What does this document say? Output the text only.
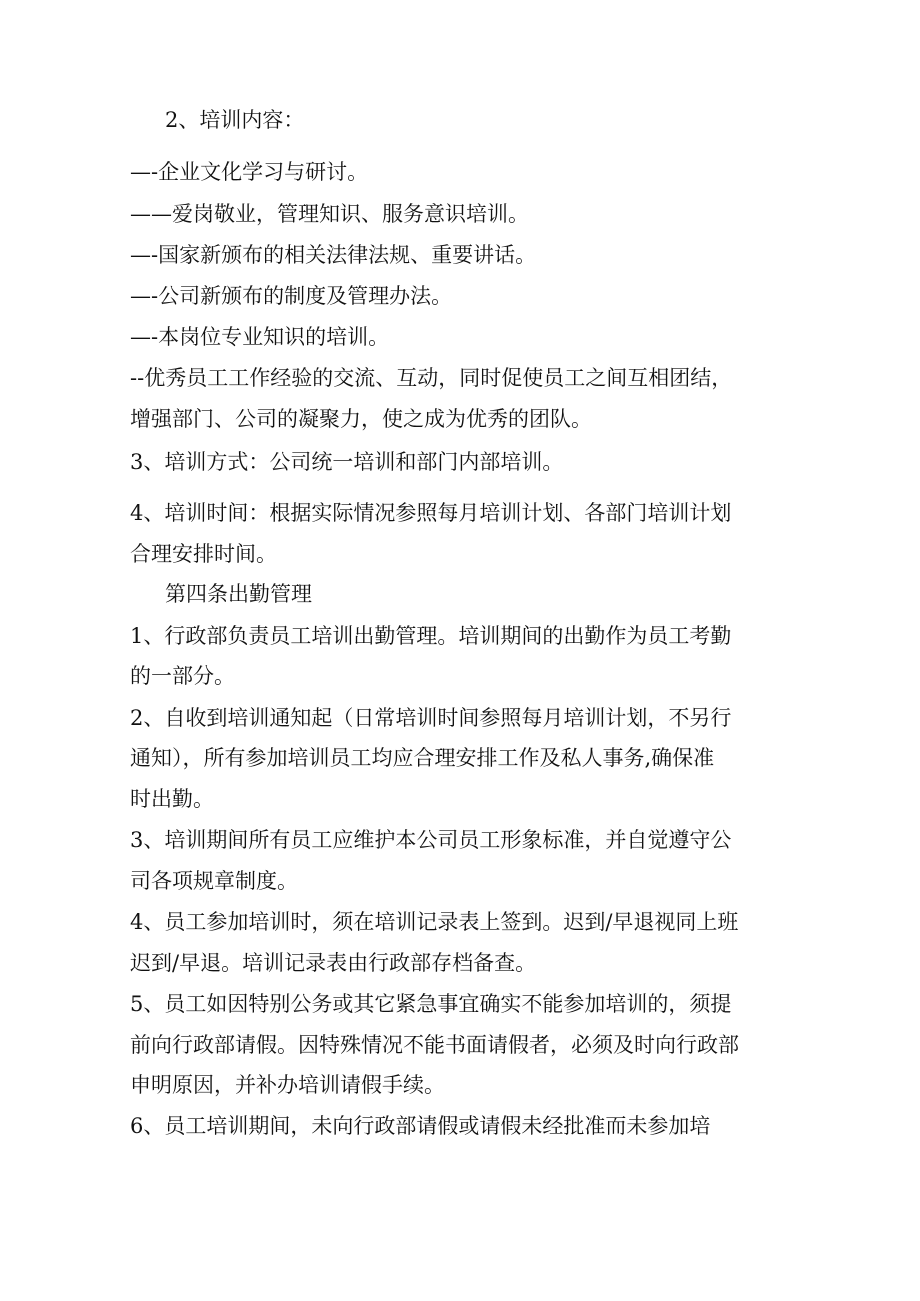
2、培训内容：

—-企业文化学习与研讨。

——爱岗敬业，管理知识、服务意识培训。

—-国家新颁布的相关法律法规、重要讲话。

—-公司新颁布的制度及管理办法。

—-本岗位专业知识的培训。

--优秀员工工作经验的交流、互动，同时促使员工之间互相团结，

增强部门、公司的凝聚力，使之成为优秀的团队。

3、培训方式：公司统一培训和部门内部培训。

4、培训时间：根据实际情况参照每月培训计划、各部门培训计划

合理安排时间。

第四条出勤管理

1、行政部负责员工培训出勤管理。培训期间的出勤作为员工考勤

的一部分。

2、自收到培训通知起（日常培训时间参照每月培训计划，不另行

通知），所有参加培训员工均应合理安排工作及私人事务,确保准

时出勤。

3、培训期间所有员工应维护本公司员工形象标准，并自觉遵守公

司各项规章制度。

4、员工参加培训时，须在培训记录表上签到。迟到/早退视同上班

迟到/早退。培训记录表由行政部存档备查。

5、员工如因特别公务或其它紧急事宜确实不能参加培训的，须提

前向行政部请假。因特殊情况不能书面请假者，必须及时向行政部

申明原因，并补办培训请假手续。

6、员工培训期间，未向行政部请假或请假未经批准而未参加培
